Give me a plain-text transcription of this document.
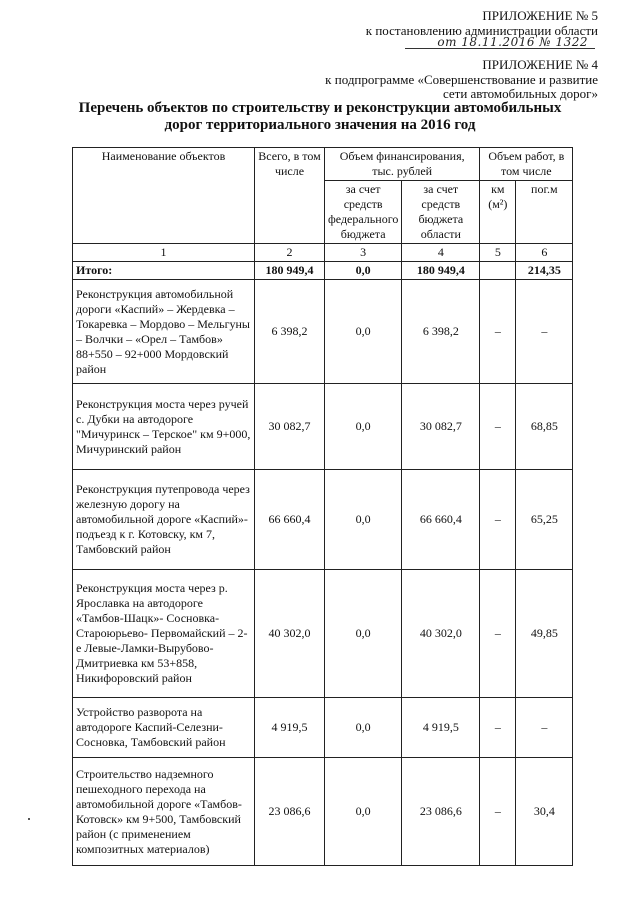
ПРИЛОЖЕНИЕ № 5
к постановлению администрации области
от 18.11.2016 № 1322
ПРИЛОЖЕНИЕ № 4
к подпрограмме «Совершенствование и развитие
сети автомобильных дорог»
Перечень объектов по строительству и реконструкции автомобильных
дорог территориального значения на 2016 год
Наименование объектов	Всего, в том числе	Объем финансирования, тыс. рублей		Объем работ, в том числе	
		за счет средств федерального бюджета	за счет средств бюджета области	км (м²)	пог.м
1	2	3	4	5	6
Итого:	180 949,4	0,0	180 949,4		214,35
Реконструкция автомобильной дороги «Каспий» – Жердевка – Токаревка – Мордово – Мельгуны – Волчки – «Орел – Тамбов» 88+550 – 92+000 Мордовский район	6 398,2	0,0	6 398,2	–	–
Реконструкция моста через ручей с. Дубки на автодороге "Мичуринск – Терское" км 9+000, Мичуринский район	30 082,7	0,0	30 082,7	–	68,85
Реконструкция путепровода через железную дорогу на автомобильной дороге «Каспий»- подъезд к г. Котовску, км 7, Тамбовский район	66 660,4	0,0	66 660,4	–	65,25
Реконструкция моста через р. Ярославка на автодороге «Тамбов-Шацк»- Сосновка-Староюрьево- Первомайский – 2-е Левые-Ламки-Вырубово- Дмитриевка км 53+858, Никифоровский район	40 302,0	0,0	40 302,0	–	49,85
Устройство разворота на автодороге Каспий-Селезни-Сосновка, Тамбовский район	4 919,5	0,0	4 919,5	–	–
Строительство надземного пешеходного перехода на автомобильной дороге «Тамбов-Котовск» км 9+500, Тамбовский район (с применением композитных материалов)	23 086,6	0,0	23 086,6	–	30,4
